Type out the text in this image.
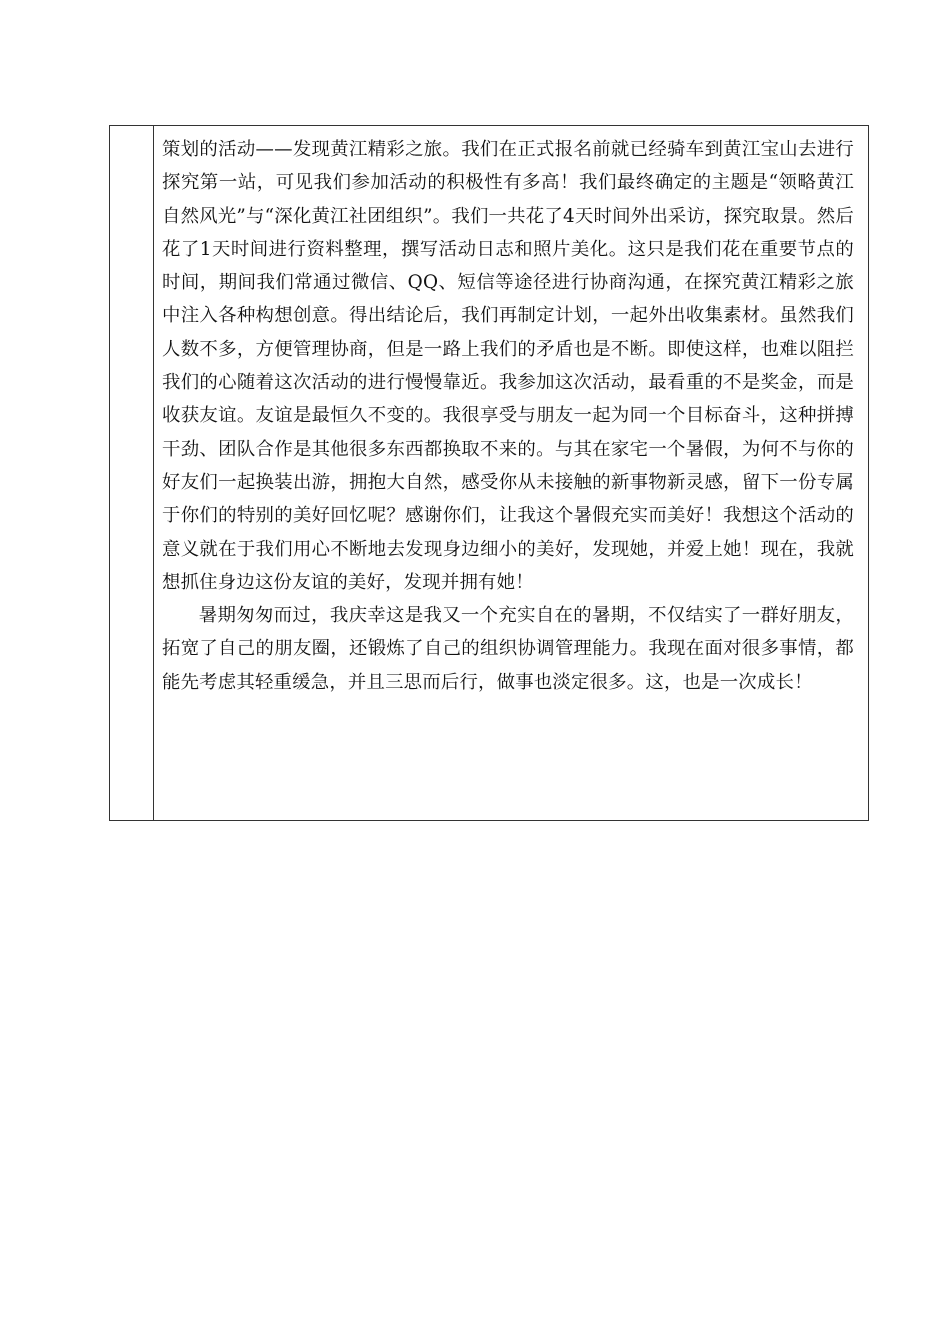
策划的活动——发现黄江精彩之旅。我们在正式报名前就已经骑车到黄江宝山去进行探究第一站，可见我们参加活动的积极性有多高！我们最终确定的主题是“领略黄江自然风光”与“深化黄江社团组织”。我们一共花了4天时间外出采访，探究取景。然后花了1天时间进行资料整理，撰写活动日志和照片美化。这只是我们花在重要节点的时间，期间我们常通过微信、QQ、短信等途径进行协商沟通，在探究黄江精彩之旅中注入各种构想创意。得出结论后，我们再制定计划，一起外出收集素材。虽然我们人数不多，方便管理协商，但是一路上我们的矛盾也是不断。即使这样，也难以阻拦我们的心随着这次活动的进行慢慢靠近。我参加这次活动，最看重的不是奖金，而是收获友谊。友谊是最恒久不变的。我很享受与朋友一起为同一个目标奋斗，这种拼搏干劲、团队合作是其他很多东西都换取不来的。与其在家宅一个暑假，为何不与你的好友们一起换装出游，拥抱大自然，感受你从未接触的新事物新灵感，留下一份专属于你们的特别的美好回忆呢？感谢你们，让我这个暑假充实而美好！我想这个活动的意义就在于我们用心不断地去发现身边细小的美好，发现她，并爱上她！现在，我就想抓住身边这份友谊的美好，发现并拥有她！

暑期匆匆而过，我庆幸这是我又一个充实自在的暑期，不仅结实了一群好朋友，拓宽了自己的朋友圈，还锻炼了自己的组织协调管理能力。我现在面对很多事情，都能先考虑其轻重缓急，并且三思而后行，做事也淡定很多。这，也是一次成长！
